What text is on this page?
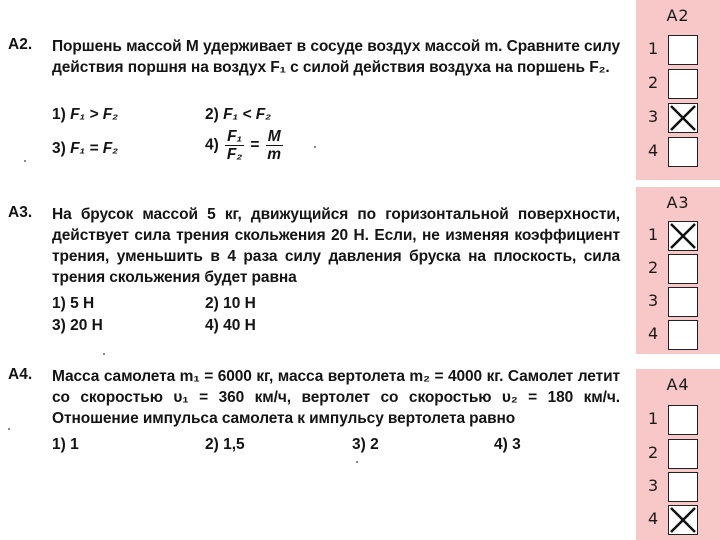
A2. Поршень массой M удерживает в сосуде воздух массой m. Сравните силу действия поршня на воздух F₁ с силой действия воздуха на поршень F₂.
1) F₁ > F₂	2) F₁ < F₂
3) F₁ = F₂	$4) \frac{\text{F₁}}{\text{F₂}} = \frac{M}{m}$
A3. На брусок массой 5 кг, движущийся по горизонтальной поверхности, действует сила трения скольжения 20 Н. Если, не изменяя коэффициент трения, уменьшить в 4 раза силу давления бруска на плоскость, сила трения скольжения будет равна
1) 5 Н	2) 10 Н
3) 20 Н	4) 40 Н
A4. Масса самолета m₁ = 6000 кг, масса вертолета m₂ = 4000 кг. Самолет летит со скоростью υ₁ = 360 км/ч, вертолет со скоростью υ₂ = 180 км/ч. Отношение импульса самолета к импульсу вертолета равно
1) 1	2) 1,5	3) 2	4) 3
A2
1
2
3
4
A3
1
2
3
4
A4
1
2
3
4
